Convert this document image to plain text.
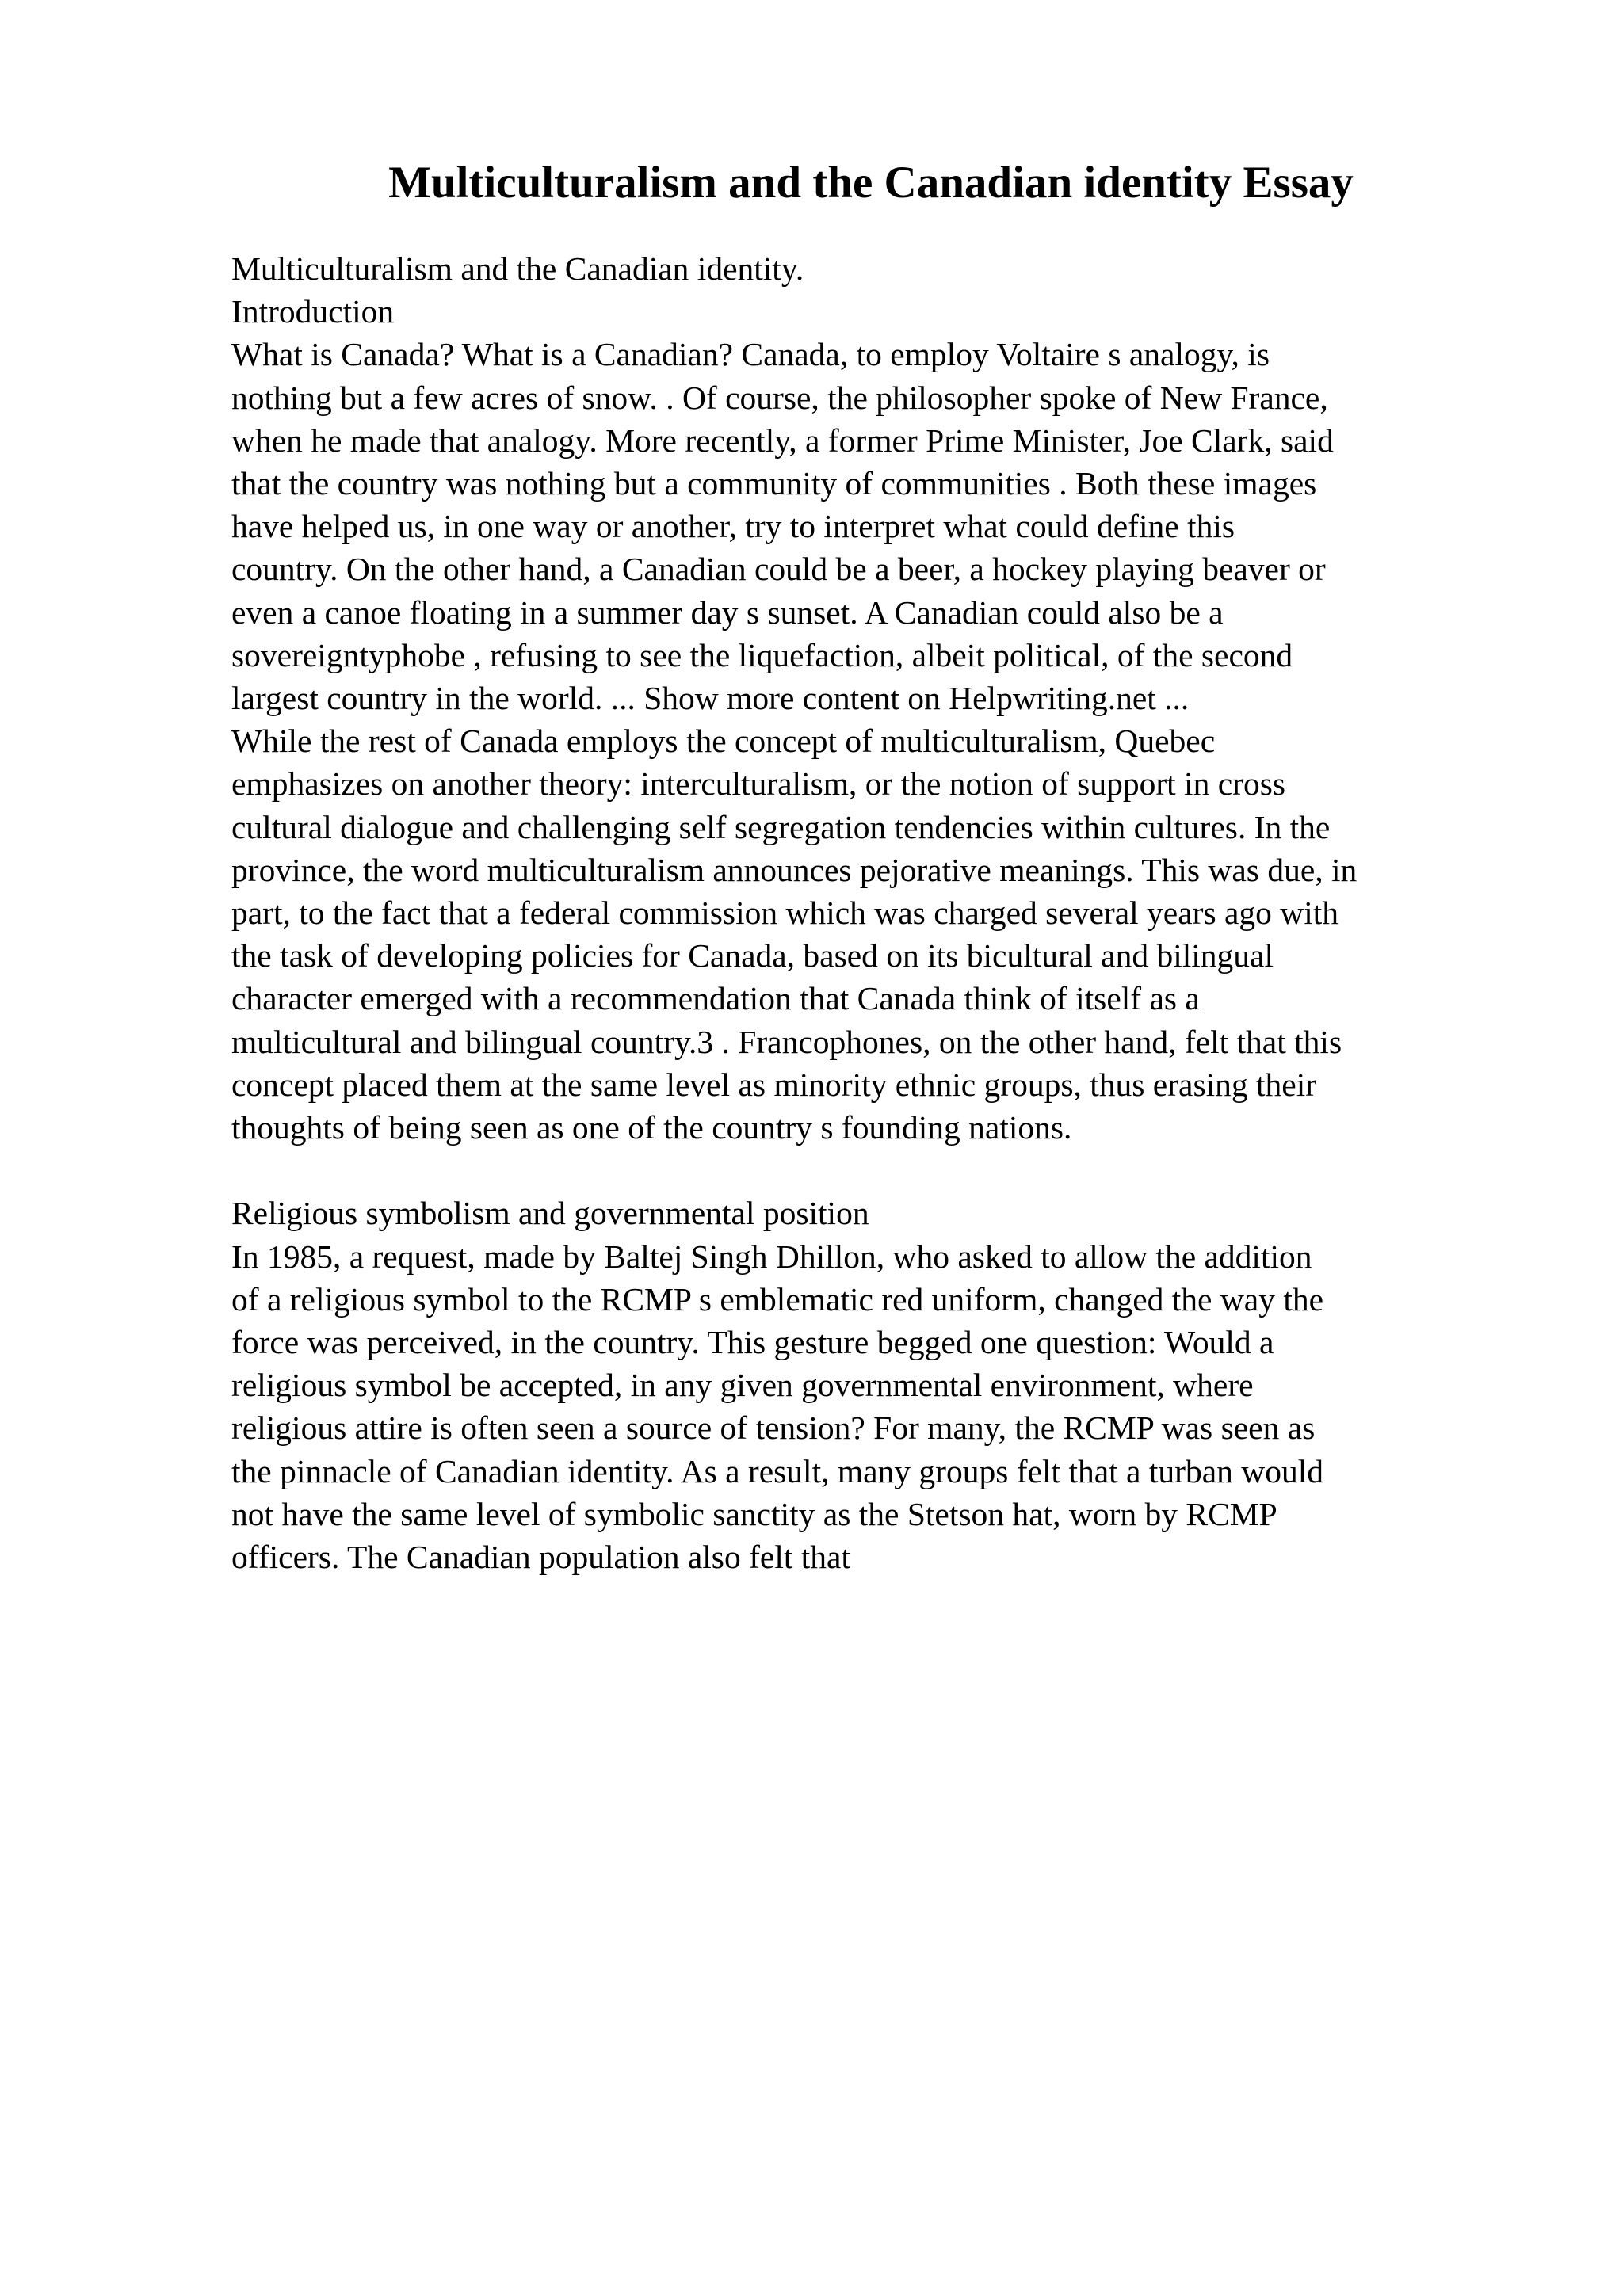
Multiculturalism and the Canadian identity Essay
Multiculturalism and the Canadian identity.
Introduction
What is Canada? What is a Canadian? Canada, to employ Voltaire s analogy, is
nothing but a few acres of snow. . Of course, the philosopher spoke of New France,
when he made that analogy. More recently, a former Prime Minister, Joe Clark, said
that the country was nothing but a community of communities . Both these images
have helped us, in one way or another, try to interpret what could define this
country. On the other hand, a Canadian could be a beer, a hockey playing beaver or
even a canoe floating in a summer day s sunset. A Canadian could also be a
sovereigntyphobe , refusing to see the liquefaction, albeit political, of the second
largest country in the world. ... Show more content on Helpwriting.net ...
While the rest of Canada employs the concept of multiculturalism, Quebec
emphasizes on another theory: interculturalism, or the notion of support in cross
cultural dialogue and challenging self segregation tendencies within cultures. In the
province, the word multiculturalism announces pejorative meanings. This was due, in
part, to the fact that a federal commission which was charged several years ago with
the task of developing policies for Canada, based on its bicultural and bilingual
character emerged with a recommendation that Canada think of itself as a
multicultural and bilingual country.3 . Francophones, on the other hand, felt that this
concept placed them at the same level as minority ethnic groups, thus erasing their
thoughts of being seen as one of the country s founding nations.
Religious symbolism and governmental position
In 1985, a request, made by Baltej Singh Dhillon, who asked to allow the addition
of a religious symbol to the RCMP s emblematic red uniform, changed the way the
force was perceived, in the country. This gesture begged one question: Would a
religious symbol be accepted, in any given governmental environment, where
religious attire is often seen a source of tension? For many, the RCMP was seen as
the pinnacle of Canadian identity. As a result, many groups felt that a turban would
not have the same level of symbolic sanctity as the Stetson hat, worn by RCMP
officers. The Canadian population also felt that
